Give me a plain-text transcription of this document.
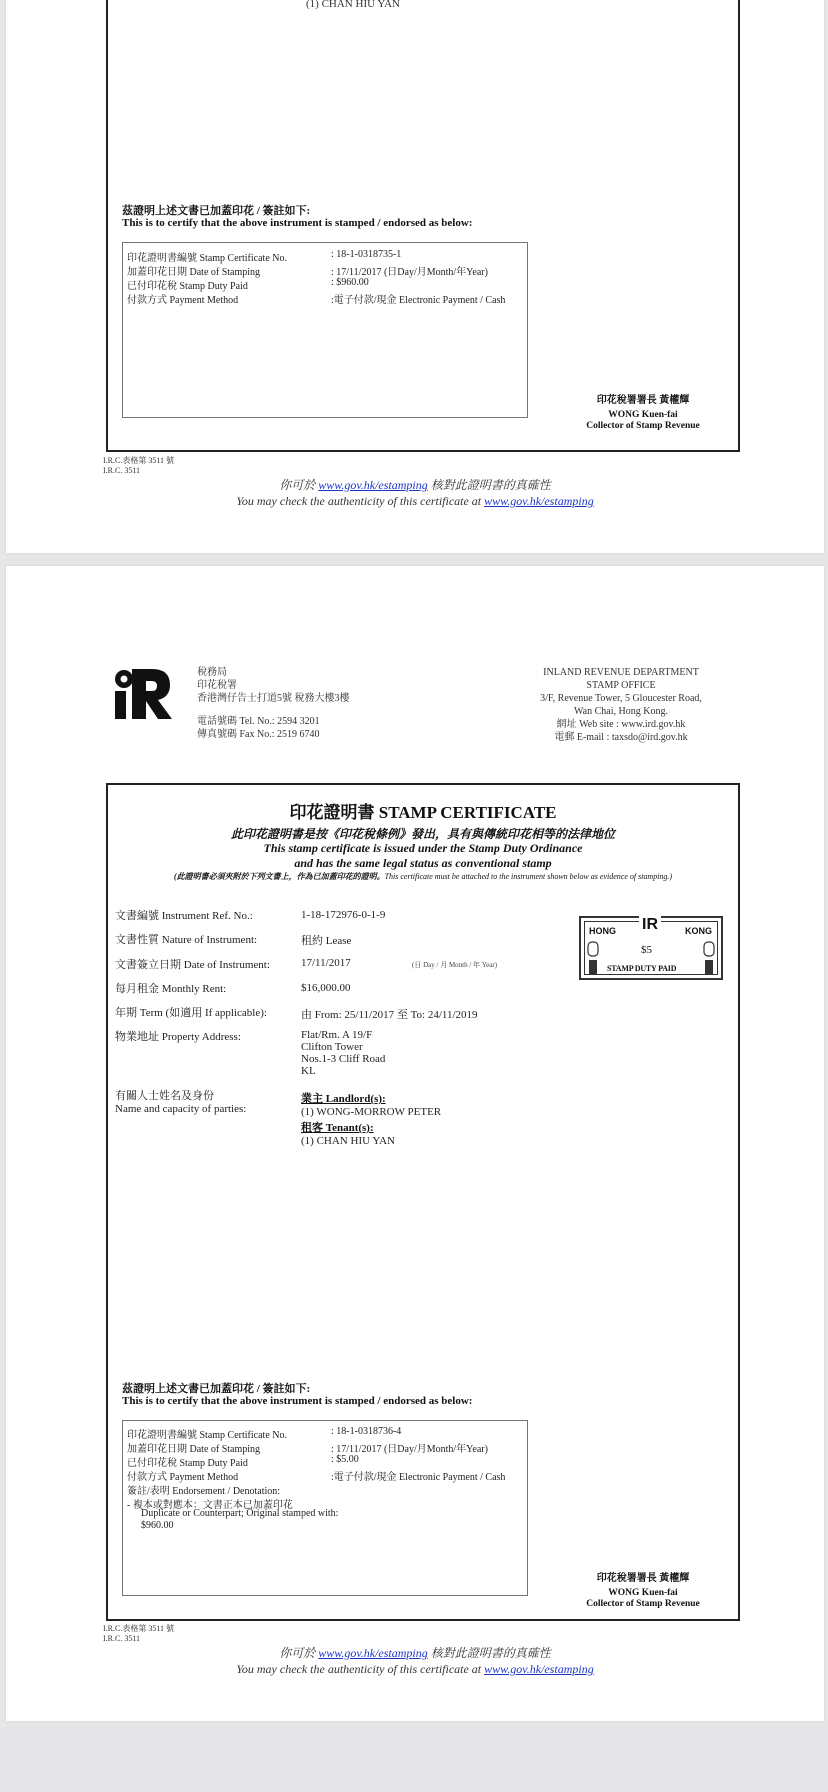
(1) CHAN HIU YAN
茲證明上述文書已加蓋印花 / 簽註如下:
This is to certify that the above instrument is stamped / endorsed as below:
印花證明書編號 Stamp Certificate No.	: 18-1-0318735-1
加蓋印花日期 Date of Stamping	: 17/11/2017 (日Day/月Month/年Year)
已付印花稅 Stamp Duty Paid	: $960.00
付款方式 Payment Method	:電子付款/現金 Electronic Payment / Cash
印花稅署署長 黃權輝
WONG Kuen-fai
Collector of Stamp Revenue
I.R.C.表格第 3511 號
I.R.C. 3511
你可於 www.gov.hk/estamping 核對此證明書的真確性
You may check the authenticity of this certificate at www.gov.hk/estamping
稅務局
印花稅署
香港灣仔告士打道5號 稅務大樓3樓
電話號碼 Tel. No.: 2594 3201
傳真號碼 Fax No.: 2519 6740
INLAND REVENUE DEPARTMENT
STAMP OFFICE
3/F, Revenue Tower, 5 Gloucester Road,
Wan Chai, Hong Kong.
網址 Web site : www.ird.gov.hk
電郵 E-mail : taxsdo@ird.gov.hk
印花證明書 STAMP CERTIFICATE
此印花證明書是按《印花稅條例》發出，具有與傳統印花相等的法律地位
This stamp certificate is issued under the Stamp Duty Ordinance
and has the same legal status as conventional stamp
(此證明書必須夾附於下列文書上，作為已加蓋印花的證明。This certificate must be attached to the instrument shown below as evidence of stamping.)
文書編號 Instrument Ref. No.:	1-18-172976-0-1-9
文書性質 Nature of Instrument:	租約 Lease
文書簽立日期 Date of Instrument:	17/11/2017	(日 Day / 月 Month / 年 Year)
每月租金 Monthly Rent:	$16,000.00
年期 Term (如適用 If applicable):	由 From: 25/11/2017 至 To: 24/11/2019
物業地址 Property Address:	Flat/Rm. A 19/F
Clifton Tower
Nos.1-3 Cliff Road
KL
有關人士姓名及身份
Name and capacity of parties:
業主 Landlord(s):
(1) WONG-MORROW PETER
租客 Tenant(s):
(1) CHAN HIU YAN
HONG	KONG
IR
$5
STAMP DUTY PAID
茲證明上述文書已加蓋印花 / 簽註如下:
This is to certify that the above instrument is stamped / endorsed as below:
印花證明書編號 Stamp Certificate No.	: 18-1-0318736-4
加蓋印花日期 Date of Stamping	: 17/11/2017 (日Day/月Month/年Year)
已付印花稅 Stamp Duty Paid	: $5.00
付款方式 Payment Method	:電子付款/現金 Electronic Payment / Cash
簽註/表明 Endorsement / Denotation:
- 複本或對應本：文書正本已加蓋印花
Duplicate or Counterpart; Original stamped with:
$960.00
印花稅署署長 黃權輝
WONG Kuen-fai
Collector of Stamp Revenue
I.R.C.表格第 3511 號
I.R.C. 3511
你可於 www.gov.hk/estamping 核對此證明書的真確性
You may check the authenticity of this certificate at www.gov.hk/estamping
